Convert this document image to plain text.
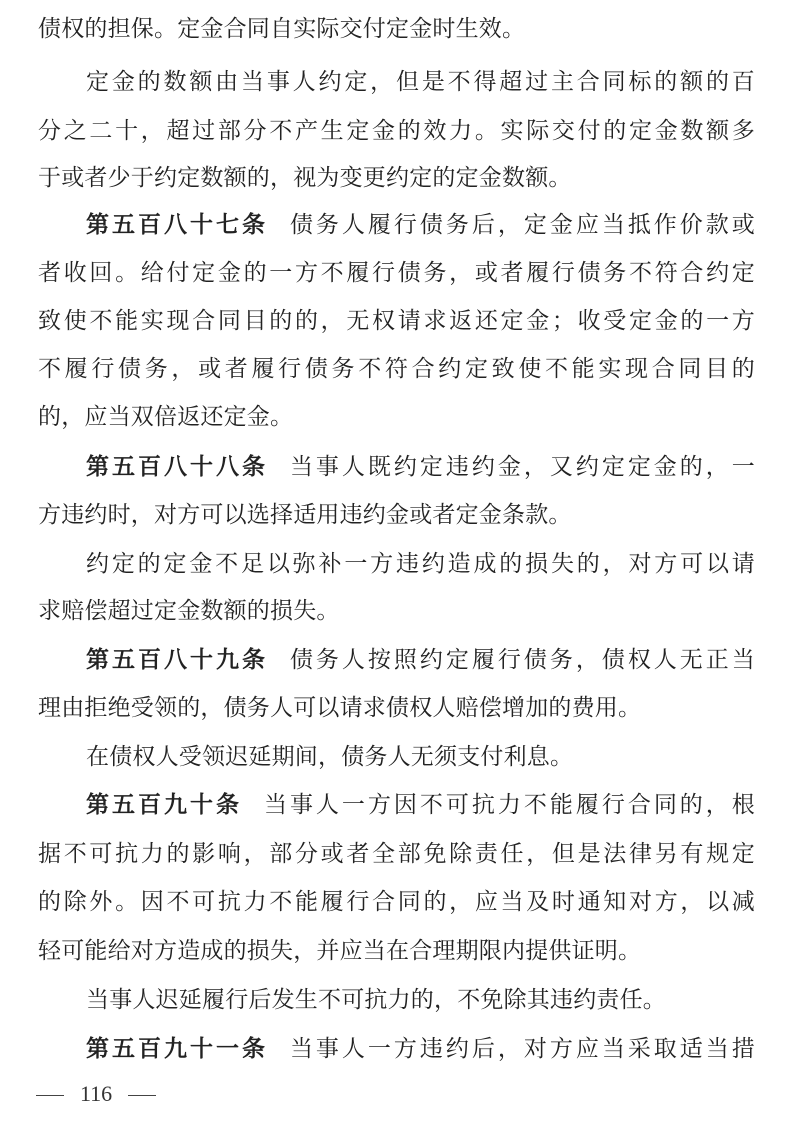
债权的担保。定金合同自实际交付定金时生效。
定金的数额由当事人约定，但是不得超过主合同标的额的百
分之二十，超过部分不产生定金的效力。实际交付的定金数额多
于或者少于约定数额的，视为变更约定的定金数额。
第五百八十七条 债务人履行债务后，定金应当抵作价款或
者收回。给付定金的一方不履行债务，或者履行债务不符合约定
致使不能实现合同目的的，无权请求返还定金；收受定金的一方
不履行债务，或者履行债务不符合约定致使不能实现合同目的
的，应当双倍返还定金。
第五百八十八条 当事人既约定违约金，又约定定金的，一
方违约时，对方可以选择适用违约金或者定金条款。
约定的定金不足以弥补一方违约造成的损失的，对方可以请
求赔偿超过定金数额的损失。
第五百八十九条 债务人按照约定履行债务，债权人无正当
理由拒绝受领的，债务人可以请求债权人赔偿增加的费用。
在债权人受领迟延期间，债务人无须支付利息。
第五百九十条 当事人一方因不可抗力不能履行合同的，根
据不可抗力的影响，部分或者全部免除责任，但是法律另有规定
的除外。因不可抗力不能履行合同的，应当及时通知对方，以减
轻可能给对方造成的损失，并应当在合理期限内提供证明。
当事人迟延履行后发生不可抗力的，不免除其违约责任。
第五百九十一条 当事人一方违约后，对方应当采取适当措
116
